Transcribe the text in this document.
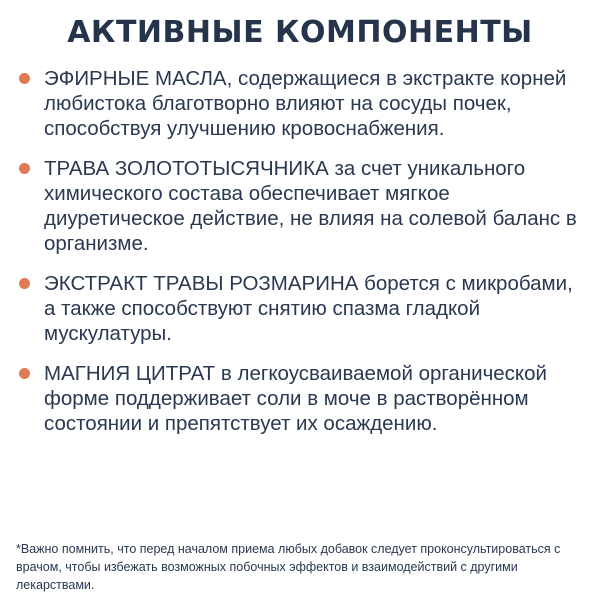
АКТИВНЫЕ КОМПОНЕНТЫ
ЭФИРНЫЕ МАСЛА, содержащиеся в экстракте корней любистока благотворно влияют на сосуды почек, способствуя улучшению кровоснабжения.
ТРАВА ЗОЛОТОТЫСЯЧНИКА за счет уникального химического состава обеспечивает мягкое диуретическое действие, не влияя на солевой баланс в организме.
ЭКСТРАКТ ТРАВЫ РОЗМАРИНА борется с микробами, а также способствуют снятию спазма гладкой мускулатуры.
МАГНИЯ ЦИТРАТ в легкоусваиваемой органической форме поддерживает соли в моче в растворённом состоянии и препятствует их осаждению.
*Важно помнить, что перед началом приема любых добавок следует проконсультироваться с врачом, чтобы избежать возможных побочных эффектов и взаимодействий с другими лекарствами.
